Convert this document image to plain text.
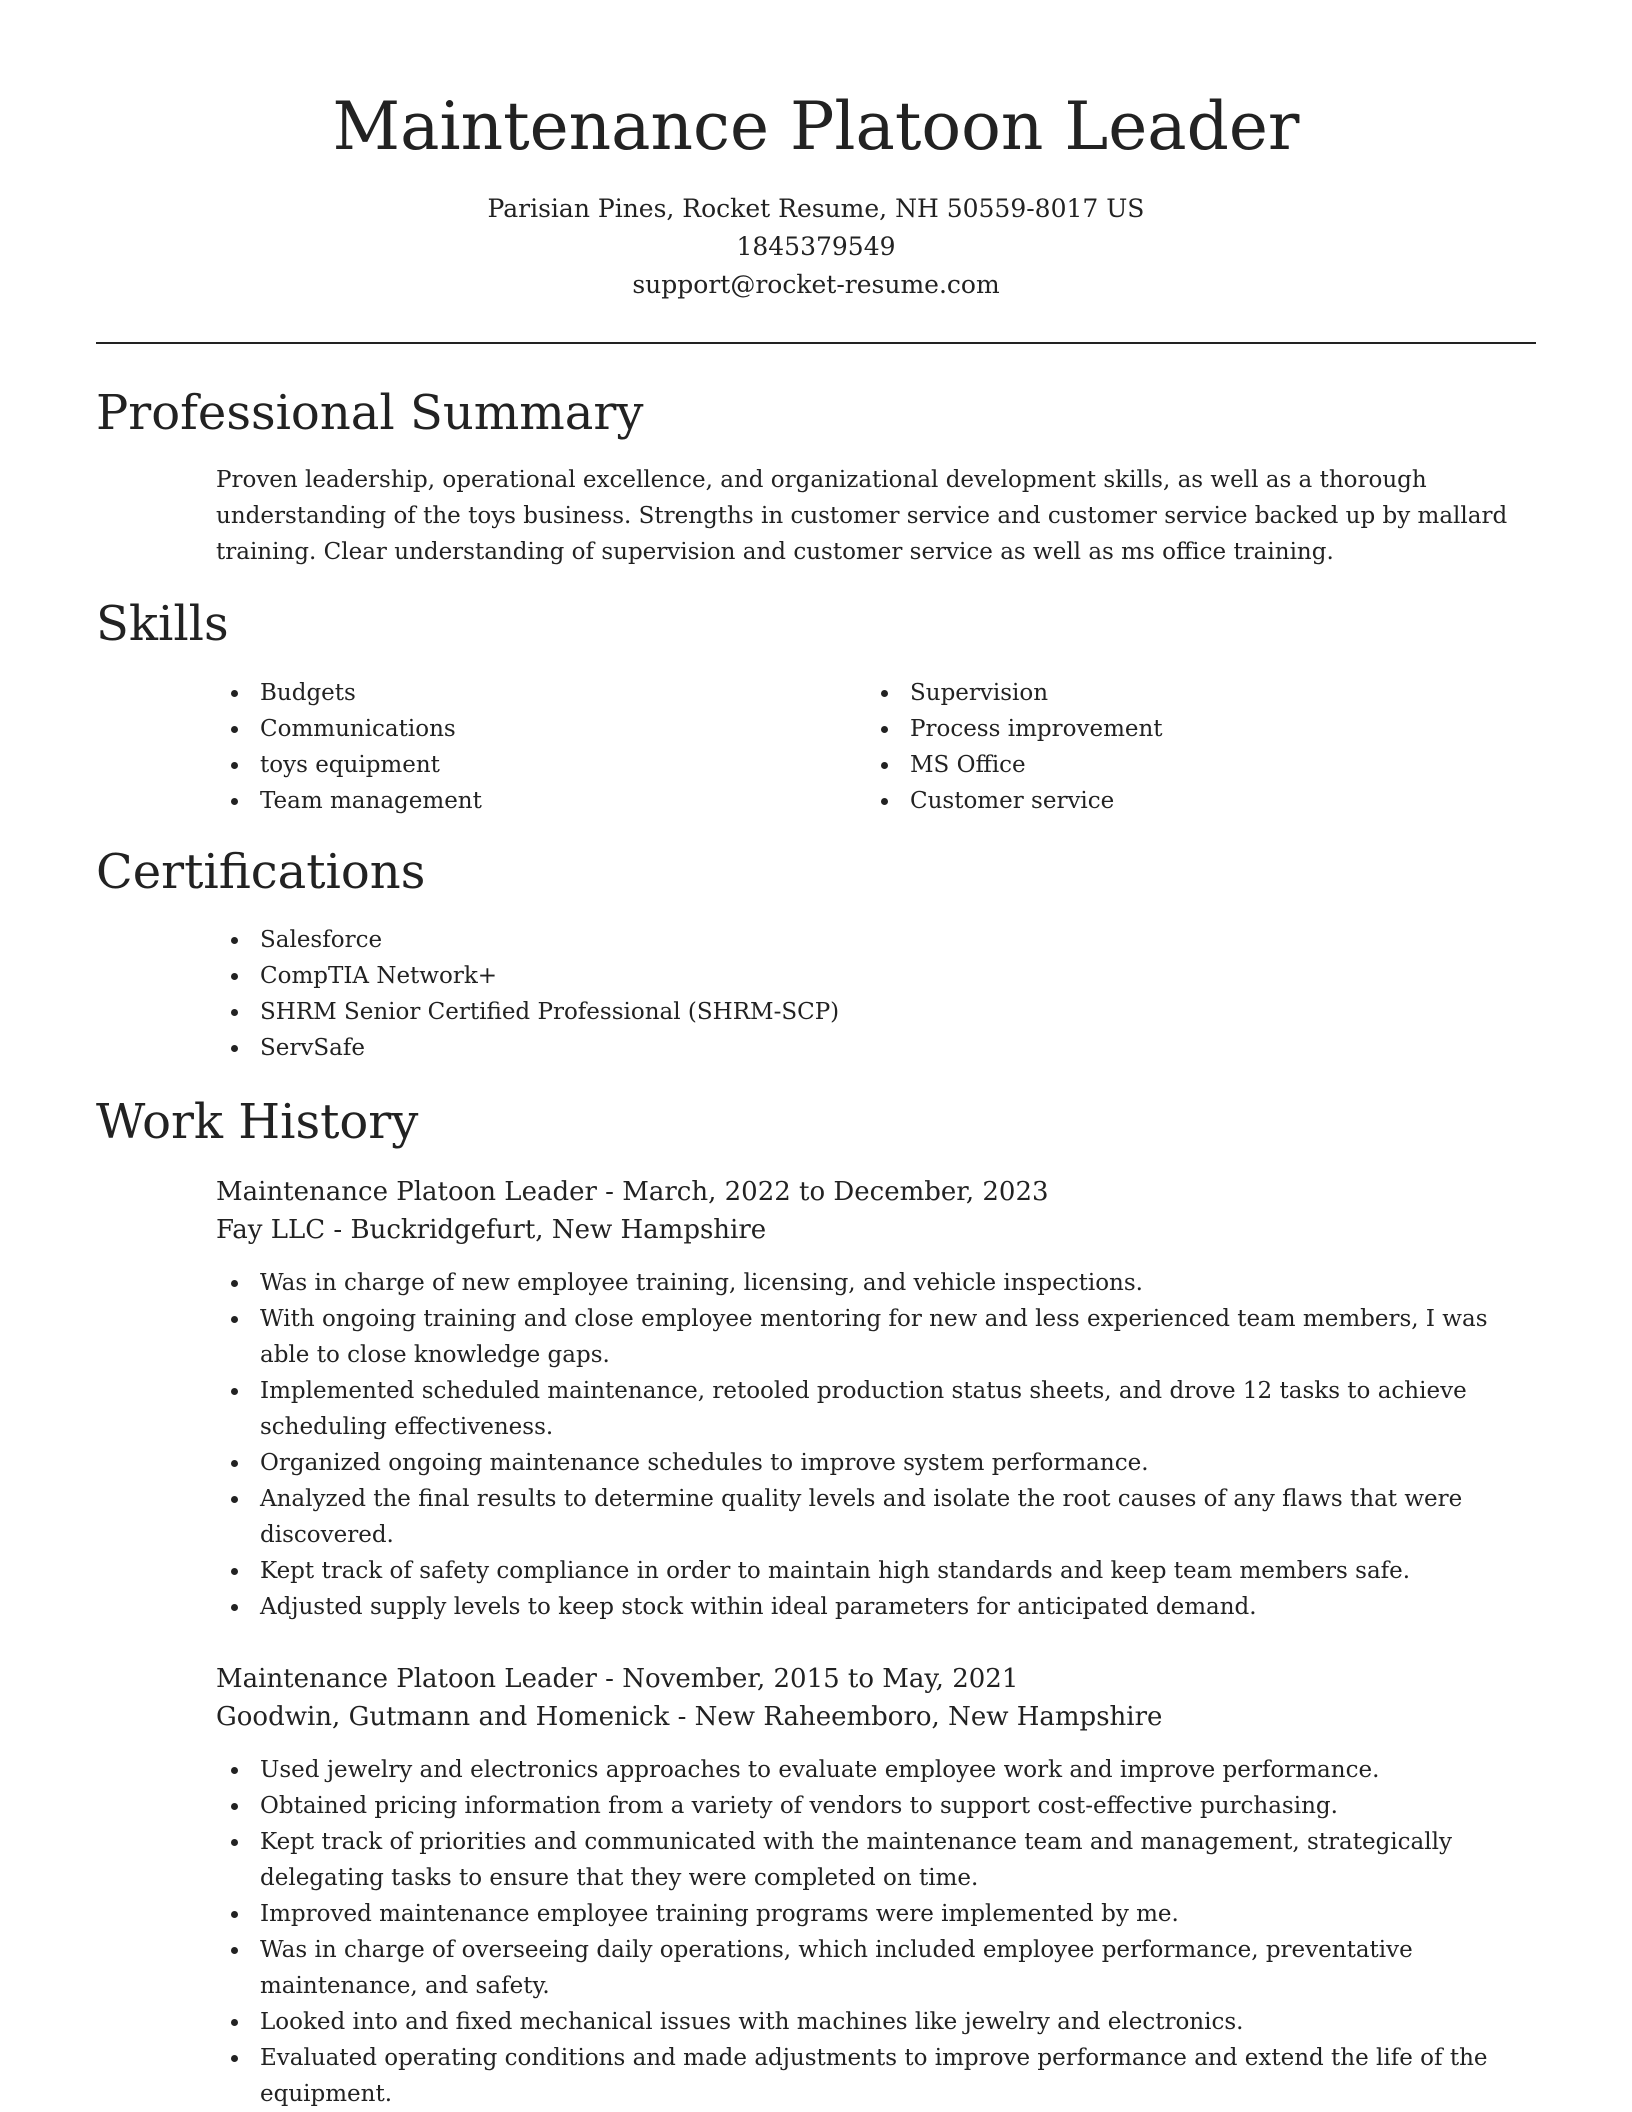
Maintenance Platoon Leader
Parisian Pines, Rocket Resume, NH 50559-8017 US
1845379549
support@rocket-resume.com
Professional Summary

Proven leadership, operational excellence, and organizational development skills, as well as a thorough understanding of the toys business. Strengths in customer service and customer service backed up by mallard training. Clear understanding of supervision and customer service as well as ms office training.

Skills
Budgets
Communications
toys equipment
Team management
Supervision
Process improvement
MS Office
Customer service
Certifications
Salesforce
CompTIA Network+
SHRM Senior Certified Professional (SHRM-SCP)
ServSafe
Work History
Maintenance Platoon Leader - March, 2022 to December, 2023
Fay LLC - Buckridgefurt, New Hampshire
Was in charge of new employee training, licensing, and vehicle inspections.
With ongoing training and close employee mentoring for new and less experienced team members, I was able to close knowledge gaps.
Implemented scheduled maintenance, retooled production status sheets, and drove 12 tasks to achieve scheduling effectiveness.
Organized ongoing maintenance schedules to improve system performance.
Analyzed the final results to determine quality levels and isolate the root causes of any flaws that were discovered.
Kept track of safety compliance in order to maintain high standards and keep team members safe.
Adjusted supply levels to keep stock within ideal parameters for anticipated demand.
Maintenance Platoon Leader - November, 2015 to May, 2021
Goodwin, Gutmann and Homenick - New Raheemboro, New Hampshire
Used jewelry and electronics approaches to evaluate employee work and improve performance.
Obtained pricing information from a variety of vendors to support cost-effective purchasing.
Kept track of priorities and communicated with the maintenance team and management, strategically delegating tasks to ensure that they were completed on time.
Improved maintenance employee training programs were implemented by me.
Was in charge of overseeing daily operations, which included employee performance, preventative maintenance, and safety.
Looked into and fixed mechanical issues with machines like jewelry and electronics.
Evaluated operating conditions and made adjustments to improve performance and extend the life of the equipment.
